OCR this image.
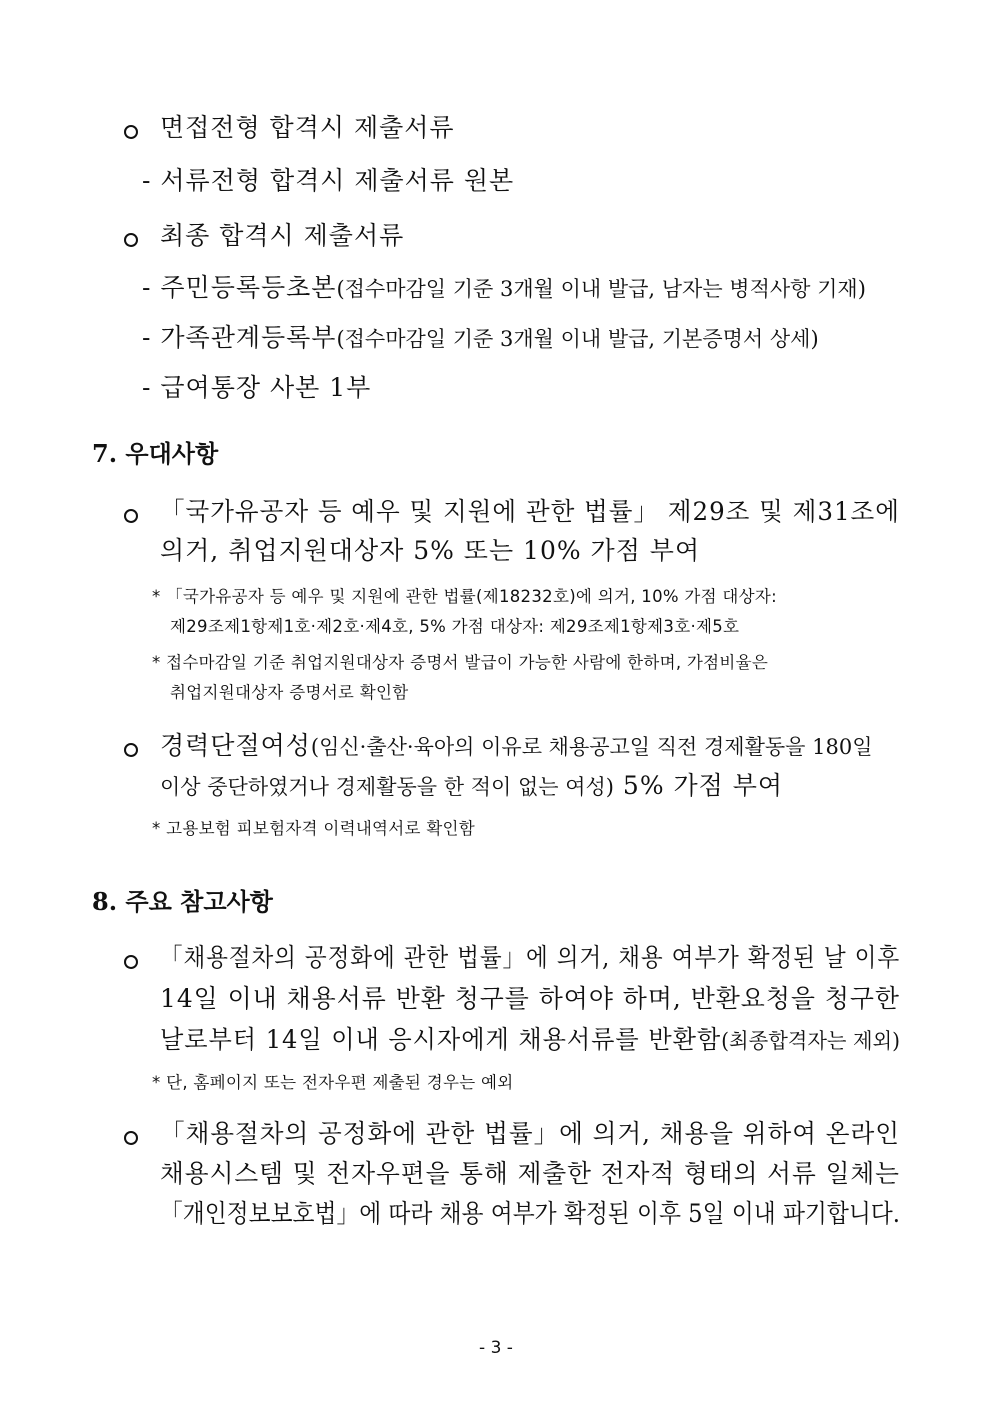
면접전형 합격시 제출서류
- 서류전형 합격시 제출서류 원본
최종 합격시 제출서류
- 주민등록등초본(접수마감일 기준 3개월 이내 발급, 남자는 병적사항 기재)
- 가족관계등록부(접수마감일 기준 3개월 이내 발급, 기본증명서 상세)
- 급여통장 사본 1부
7. 우대사항
「국가유공자 등 예우 및 지원에 관한 법률」 제29조 및 제31조에
의거, 취업지원대상자 5% 또는 10% 가점 부여
* 「국가유공자 등 예우 및 지원에 관한 법률(제18232호)에 의거, 10% 가점 대상자:
제29조제1항제1호·제2호·제4호, 5% 가점 대상자: 제29조제1항제3호·제5호
* 접수마감일 기준 취업지원대상자 증명서 발급이 가능한 사람에 한하며, 가점비율은
취업지원대상자 증명서로 확인함
경력단절여성(임신·출산·육아의 이유로 채용공고일 직전 경제활동을 180일
이상 중단하였거나 경제활동을 한 적이 없는 여성) 5% 가점 부여
* 고용보험 피보험자격 이력내역서로 확인함
8. 주요 참고사항
「채용절차의 공정화에 관한 법률」에 의거, 채용 여부가 확정된 날 이후
14일 이내 채용서류 반환 청구를 하여야 하며, 반환요청을 청구한
날로부터 14일 이내 응시자에게 채용서류를 반환함(최종합격자는 제외)
* 단, 홈페이지 또는 전자우편 제출된 경우는 예외
「채용절차의 공정화에 관한 법률」에 의거, 채용을 위하여 온라인
채용시스템 및 전자우편을 통해 제출한 전자적 형태의 서류 일체는
「개인정보보호법」에 따라 채용 여부가 확정된 이후 5일 이내 파기합니다.
- 3 -
